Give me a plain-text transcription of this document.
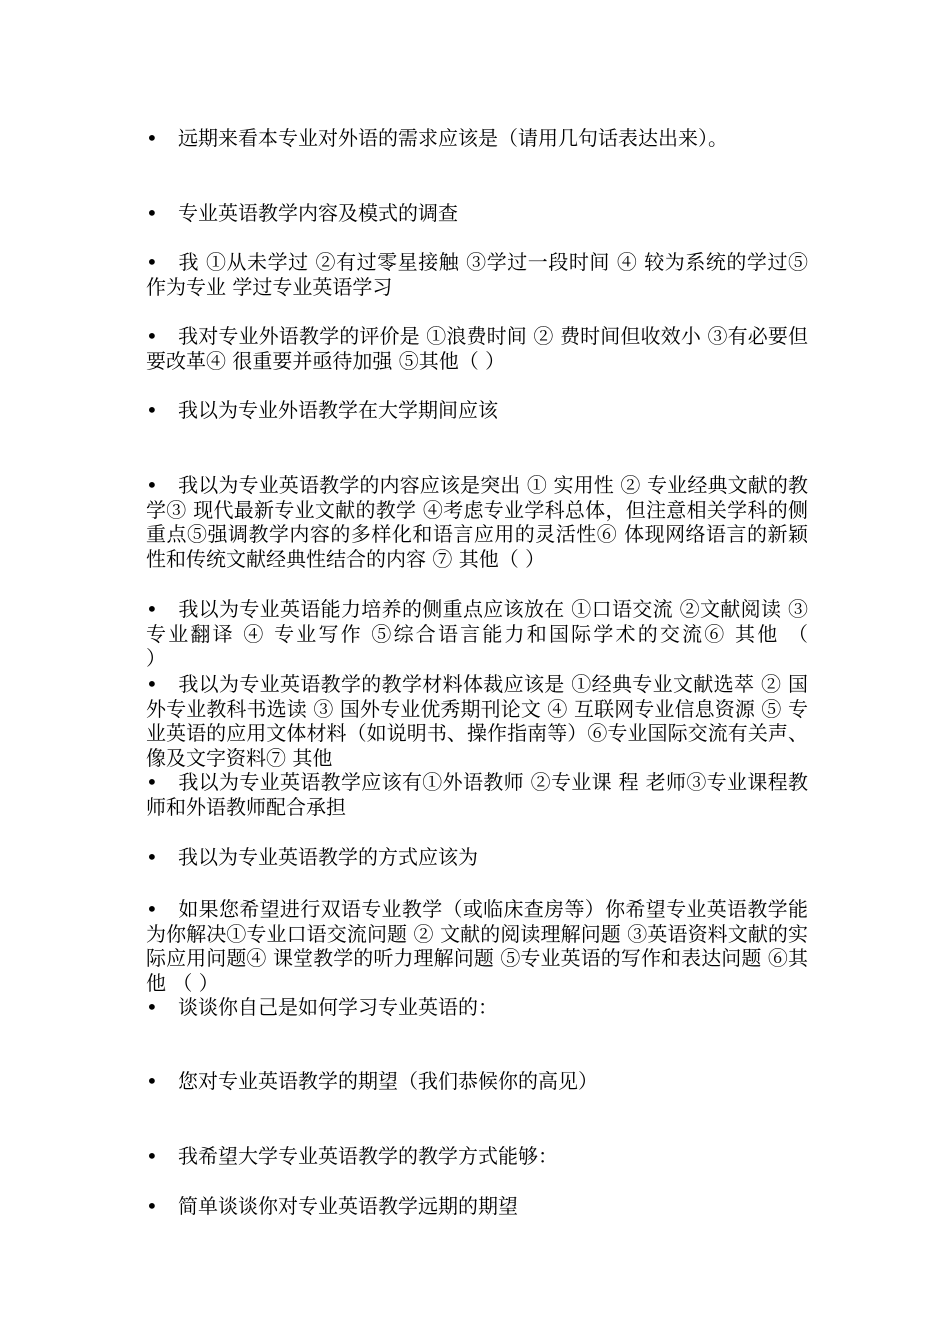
• 远期来看本专业对外语的需求应该是（请用几句话表达出来）。

• 专业英语教学内容及模式的调查

• 我 ①从未学过 ②有过零星接触 ③学过一段时间 ④ 较为系统的学过⑤作为专业 学过专业英语学习

• 我对专业外语教学的评价是 ①浪费时间 ② 费时间但收效小 ③有必要但要改革④ 很重要并亟待加强 ⑤其他（ ）

• 我以为专业外语教学在大学期间应该

• 我以为专业英语教学的内容应该是突出 ① 实用性 ② 专业经典文献的教学③ 现代最新专业文献的教学 ④考虑专业学科总体，但注意相关学科的侧重点⑤强调教学内容的多样化和语言应用的灵活性⑥ 体现网络语言的新颖性和传统文献经典性结合的内容 ⑦ 其他（ ）

• 我以为专业英语能力培养的侧重点应该放在 ①口语交流 ②文献阅读 ③专业翻译 ④ 专业写作 ⑤综合语言能力和国际学术的交流⑥ 其他 （　　　　　）

• 我以为专业英语教学的教学材料体裁应该是 ①经典专业文献选萃 ② 国外专业教科书选读 ③ 国外专业优秀期刊论文 ④ 互联网专业信息资源 ⑤ 专业英语的应用文体材料（如说明书、操作指南等）⑥专业国际交流有关声、像及文字资料⑦ 其他

• 我以为专业英语教学应该有①外语教师 ②专业课 程 老师③专业课程教师和外语教师配合承担

• 我以为专业英语教学的方式应该为

• 如果您希望进行双语专业教学（或临床查房等）你希望专业英语教学能为你解决①专业口语交流问题 ② 文献的阅读理解问题 ③英语资料文献的实际应用问题④ 课堂教学的听力理解问题 ⑤专业英语的写作和表达问题 ⑥其他 （ ）

• 谈谈你自己是如何学习专业英语的：

• 您对专业英语教学的期望（我们恭候你的高见）

• 我希望大学专业英语教学的教学方式能够：

• 简单谈谈你对专业英语教学远期的期望
